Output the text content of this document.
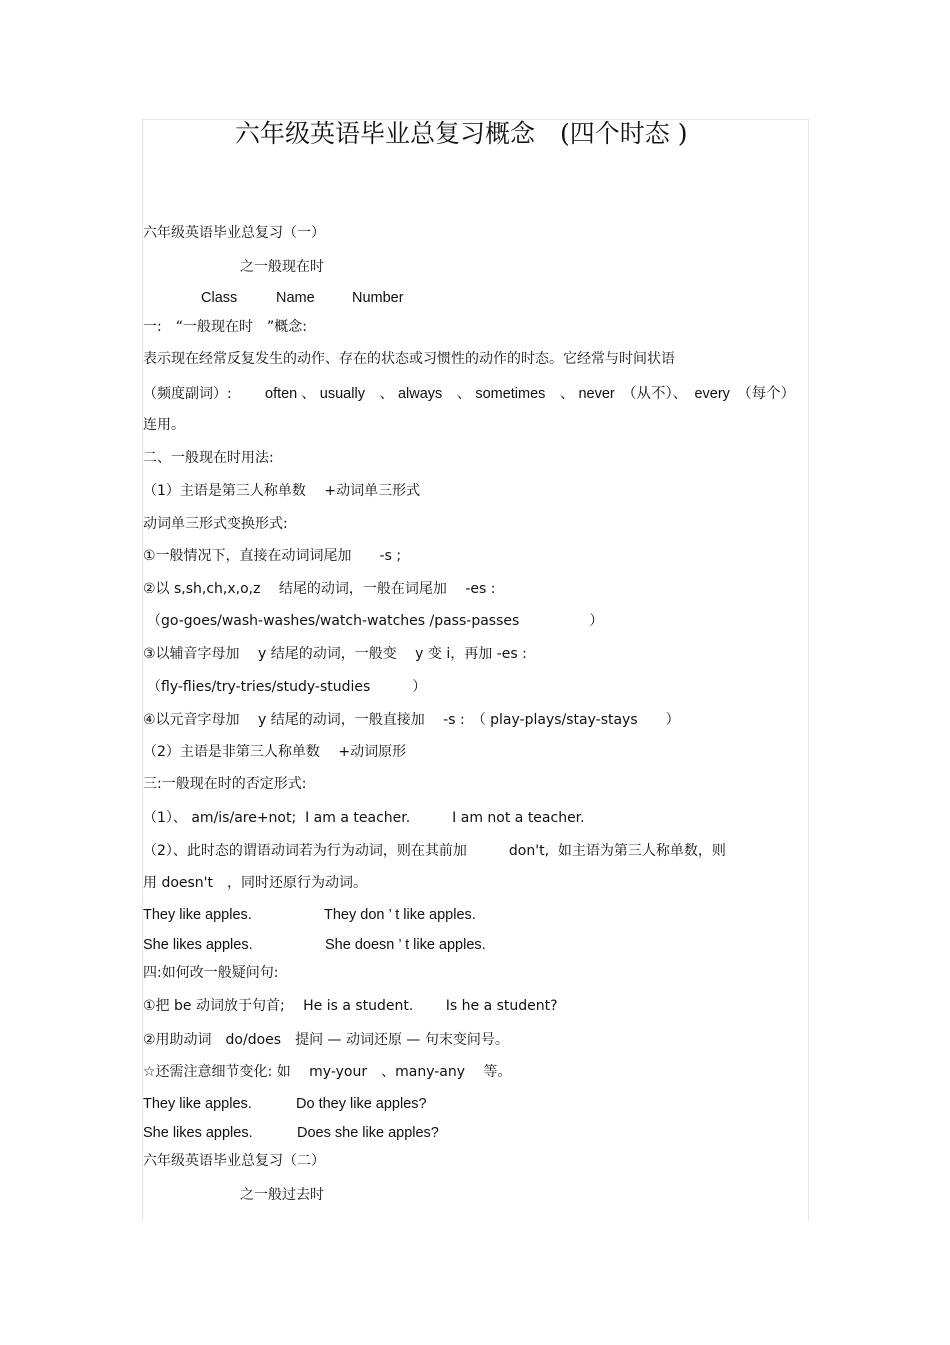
六年级英语毕业总复习概念　(四个时态 )
六年级英语毕业总复习（一）
之一般现在时
Class	Name	Number
一:　“一般现在时　”概念:
表示现在经常反复发生的动作、存在的状态或习惯性的动作的时态。它经常与时间状语
（频度副词）: often 、 usually　、 always　、 sometimes　、 never　（从不）、　every　（每个）
连用。
二、一般现在时用法:
（1）主语是第三人称单数　 +动词单三形式
动词单三形式变换形式:
①一般情况下，直接在动词词尾加　　-s ;
②以 s,sh,ch,x,o,z　 结尾的动词，一般在词尾加　 -es :
（go-goes/wash-washes/watch-watches /pass-passes　　　　　）
③以辅音字母加　 y 结尾的动词，一般变　 y 变 i，再加 -es :
（fly-flies/try-tries/study-studies　　　）
④以元音字母加　 y 结尾的动词，一般直接加　 -s :　（ play-plays/stay-stays　　）
（2）主语是非第三人称单数　 +动词原形
三:一般现在时的否定形式:
（1）、 am/is/are+not;  I am a teacher.　　　I am not a teacher.
（2）、此时态的谓语动词若为行为动词，则在其前加　　　don't,  如主语为第三人称单数，则
用 doesn't　，同时还原行为动词。
They like apples.	They don ’ t like apples.
She likes apples.	She doesn ’ t like apples.
四:如何改一般疑问句:
①把 be 动词放于句首;　 He is a student.　　 Is he a student?
②用助动词　do/does　提问 — 动词还原 — 句末变问号。
☆还需注意细节变化: 如　 my-your　、many-any　 等。
They like apples.	Do they like apples?
She likes apples.	Does she like apples?
六年级英语毕业总复习（二）
之一般过去时
